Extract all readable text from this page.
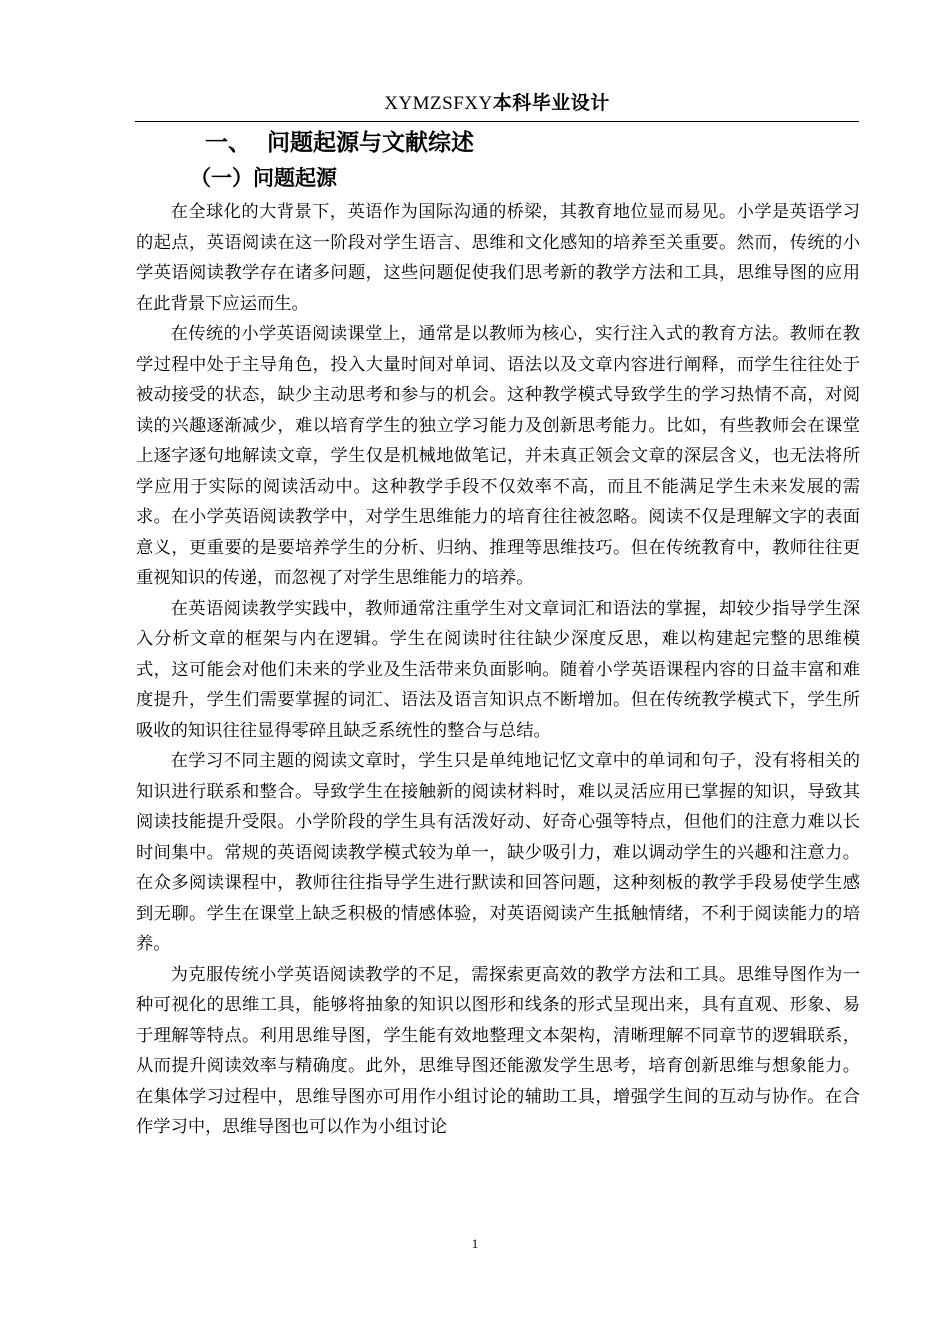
XYMZSFXY本科毕业设计
一、 问题起源与文献综述
（一）问题起源

在全球化的大背景下，英语作为国际沟通的桥梁，其教育地位显而易见。小学是英语学习的起点，英语阅读在这一阶段对学生语言、思维和文化感知的培养至关重要。然而，传统的小学英语阅读教学存在诸多问题，这些问题促使我们思考新的教学方法和工具，思维导图的应用在此背景下应运而生。

在传统的小学英语阅读课堂上，通常是以教师为核心，实行注入式的教育方法。教师在教学过程中处于主导角色，投入大量时间对单词、语法以及文章内容进行阐释，而学生往往处于被动接受的状态，缺少主动思考和参与的机会。这种教学模式导致学生的学习热情不高，对阅读的兴趣逐渐减少，难以培育学生的独立学习能力及创新思考能力。比如，有些教师会在课堂上逐字逐句地解读文章，学生仅是机械地做笔记，并未真正领会文章的深层含义，也无法将所学应用于实际的阅读活动中。这种教学手段不仅效率不高，而且不能满足学生未来发展的需求。在小学英语阅读教学中，对学生思维能力的培育往往被忽略。阅读不仅是理解文字的表面意义，更重要的是要培养学生的分析、归纳、推理等思维技巧。但在传统教育中，教师往往更重视知识的传递，而忽视了对学生思维能力的培养。

在英语阅读教学实践中，教师通常注重学生对文章词汇和语法的掌握，却较少指导学生深入分析文章的框架与内在逻辑。学生在阅读时往往缺少深度反思，难以构建起完整的思维模式，这可能会对他们未来的学业及生活带来负面影响。随着小学英语课程内容的日益丰富和难度提升，学生们需要掌握的词汇、语法及语言知识点不断增加。但在传统教学模式下，学生所吸收的知识往往显得零碎且缺乏系统性的整合与总结。

在学习不同主题的阅读文章时，学生只是单纯地记忆文章中的单词和句子，没有将相关的知识进行联系和整合。导致学生在接触新的阅读材料时，难以灵活应用已掌握的知识，导致其阅读技能提升受限。小学阶段的学生具有活泼好动、好奇心强等特点，但他们的注意力难以长时间集中。常规的英语阅读教学模式较为单一，缺少吸引力，难以调动学生的兴趣和注意力。在众多阅读课程中，教师往往指导学生进行默读和回答问题，这种刻板的教学手段易使学生感到无聊。学生在课堂上缺乏积极的情感体验，对英语阅读产生抵触情绪，不利于阅读能力的培养。

为克服传统小学英语阅读教学的不足，需探索更高效的教学方法和工具。思维导图作为一种可视化的思维工具，能够将抽象的知识以图形和线条的形式呈现出来，具有直观、形象、易于理解等特点。利用思维导图，学生能有效地整理文本架构，清晰理解不同章节的逻辑联系，从而提升阅读效率与精确度。此外，思维导图还能激发学生思考，培育创新思维与想象能力。在集体学习过程中，思维导图亦可用作小组讨论的辅助工具，增强学生间的互动与协作。在合作学习中，思维导图也可以作为小组讨论

1
